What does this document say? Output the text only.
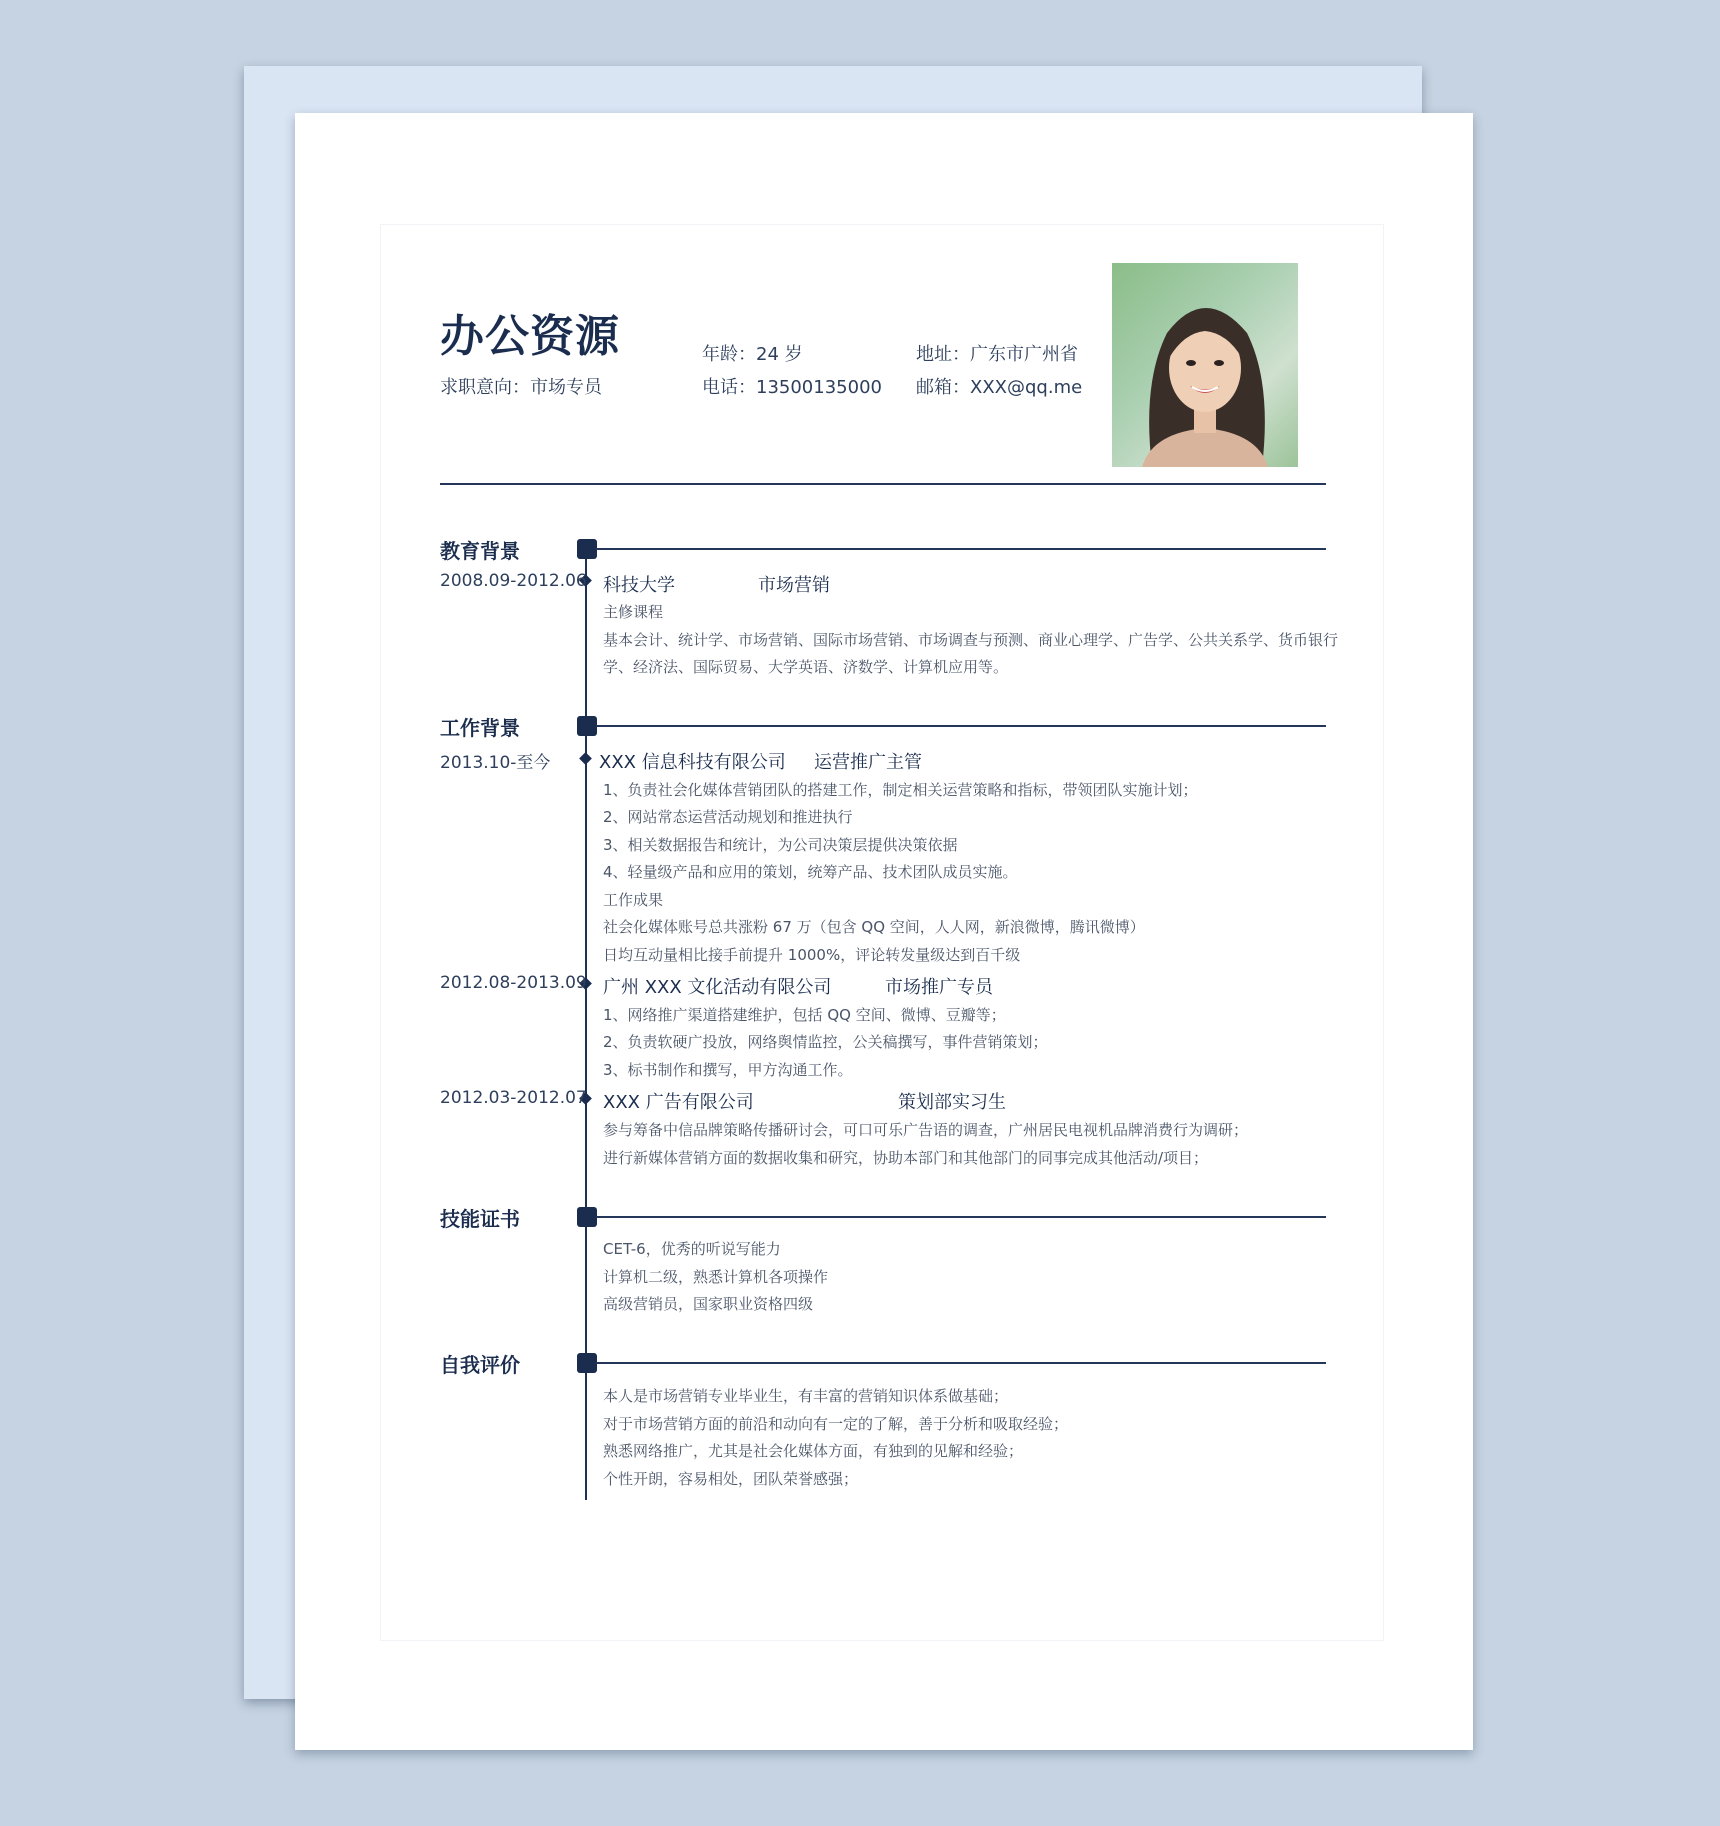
办公资源
求职意向：市场专员
年龄：24 岁
电话：13500135000
地址：广东市广州省
邮箱：XXX@qq.me
教育背景
2008.09-2012.06 科技大学	市场营销
主修课程
基本会计、统计学、市场营销、国际市场营销、市场调查与预测、商业心理学、广告学、公共关系学、货币银行
学、经济法、国际贸易、大学英语、济数学、计算机应用等。
工作背景
2013.10-至今	XXX 信息科技有限公司 运营推广主管
1、负责社会化媒体营销团队的搭建工作，制定相关运营策略和指标，带领团队实施计划；
2、网站常态运营活动规划和推进执行
3、相关数据报告和统计，为公司决策层提供决策依据
4、轻量级产品和应用的策划，统筹产品、技术团队成员实施。
工作成果
社会化媒体账号总共涨粉 67 万（包含 QQ 空间，人人网，新浪微博，腾讯微博）
日均互动量相比接手前提升 1000%，评论转发量级达到百千级
2012.08-2013.09 广州 XXX 文化活动有限公司	市场推广专员
1、网络推广渠道搭建维护，包括 QQ 空间、微博、豆瓣等；
2、负责软硬广投放，网络舆情监控，公关稿撰写，事件营销策划；
3、标书制作和撰写，甲方沟通工作。
2012.03-2012.07 XXX 广告有限公司	策划部实习生
参与筹备中信品牌策略传播研讨会，可口可乐广告语的调查，广州居民电视机品牌消费行为调研；
进行新媒体营销方面的数据收集和研究，协助本部门和其他部门的同事完成其他活动/项目；
技能证书
CET-6，优秀的听说写能力
计算机二级，熟悉计算机各项操作
高级营销员，国家职业资格四级
自我评价
本人是市场营销专业毕业生，有丰富的营销知识体系做基础；
对于市场营销方面的前沿和动向有一定的了解，善于分析和吸取经验；
熟悉网络推广，尤其是社会化媒体方面，有独到的见解和经验；
个性开朗，容易相处，团队荣誉感强；
